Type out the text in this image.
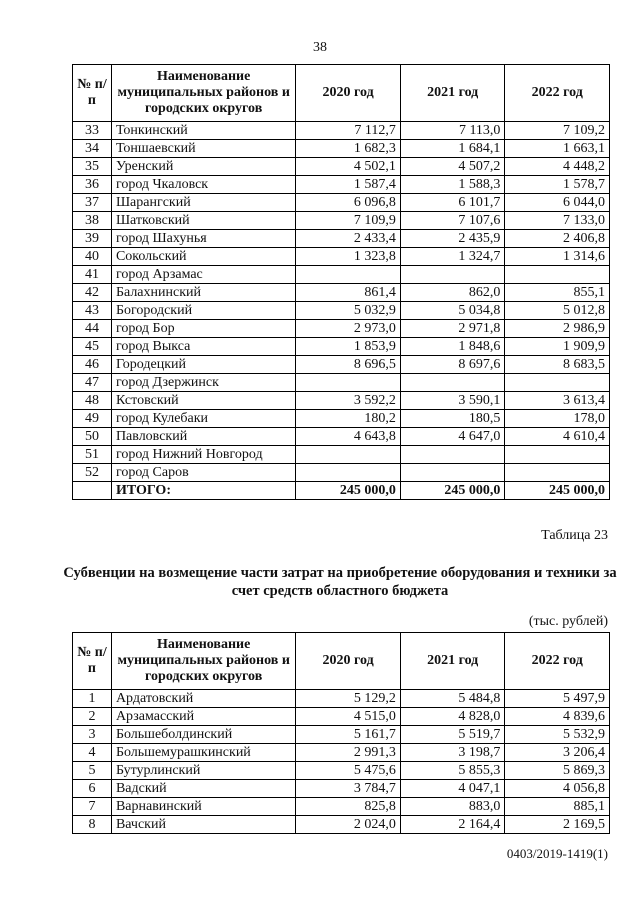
38
№ п/п	Наименование муниципальных районов и городских округов	2020 год	2021 год	2022 год
33	Тонкинский	7 112,7	7 113,0	7 109,2
34	Тоншаевский	1 682,3	1 684,1	1 663,1
35	Уренский	4 502,1	4 507,2	4 448,2
36	город Чкаловск	1 587,4	1 588,3	1 578,7
37	Шарангский	6 096,8	6 101,7	6 044,0
38	Шатковский	7 109,9	7 107,6	7 133,0
39	город Шахунья	2 433,4	2 435,9	2 406,8
40	Сокольский	1 323,8	1 324,7	1 314,6
41	город Арзамас			
42	Балахнинский	861,4	862,0	855,1
43	Богородский	5 032,9	5 034,8	5 012,8
44	город Бор	2 973,0	2 971,8	2 986,9
45	город Выкса	1 853,9	1 848,6	1 909,9
46	Городецкий	8 696,5	8 697,6	8 683,5
47	город Дзержинск			
48	Кстовский	3 592,2	3 590,1	3 613,4
49	город Кулебаки	180,2	180,5	178,0
50	Павловский	4 643,8	4 647,0	4 610,4
51	город Нижний Новгород			
52	город Саров			
	ИТОГО:	245 000,0	245 000,0	245 000,0
Таблица 23
Субвенции на возмещение части затрат на приобретение оборудования и техники за счет средств областного бюджета
(тыс. рублей)
№ п/п	Наименование муниципальных районов и городских округов	2020 год	2021 год	2022 год
1	Ардатовский	5 129,2	5 484,8	5 497,9
2	Арзамасский	4 515,0	4 828,0	4 839,6
3	Большеболдинский	5 161,7	5 519,7	5 532,9
4	Большемурашкинский	2 991,3	3 198,7	3 206,4
5	Бутурлинский	5 475,6	5 855,3	5 869,3
6	Вадский	3 784,7	4 047,1	4 056,8
7	Варнавинский	825,8	883,0	885,1
8	Вачский	2 024,0	2 164,4	2 169,5
0403/2019-1419(1)
